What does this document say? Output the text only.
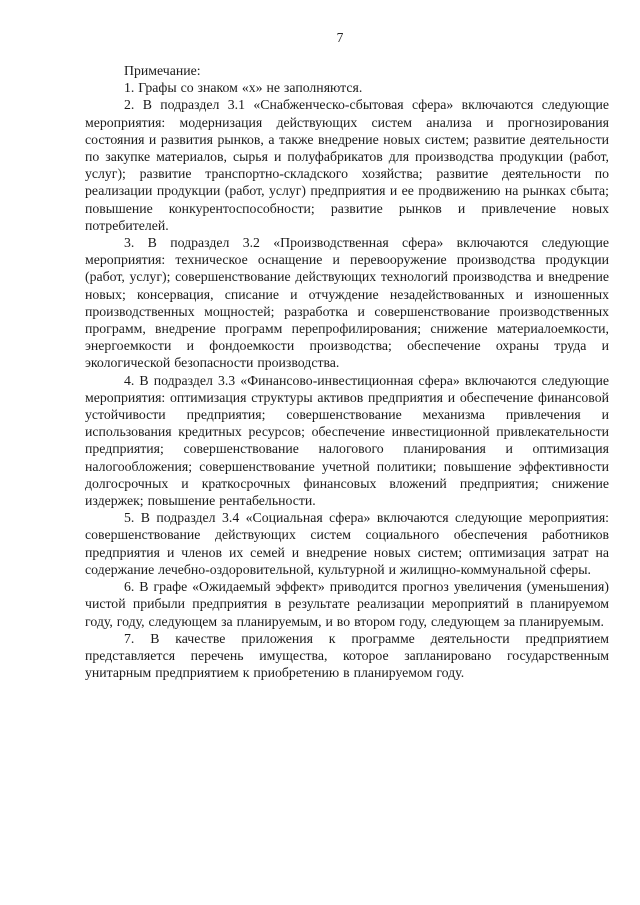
7

Примечание:

1. Графы со знаком «х» не заполняются.

2. В подраздел 3.1 «Снабженческо-сбытовая сфера» включаются следующие мероприятия: модернизация действующих систем анализа и прогнозирования состояния и развития рынков, а также внедрение новых систем; развитие деятельности по закупке материалов, сырья и полуфабрикатов для производства продукции (работ, услуг); развитие транспортно-складского хозяйства; развитие деятельности по реализации продукции (работ, услуг) предприятия и ее продвижению на рынках сбыта; повышение конкурентоспособности; развитие рынков и привлечение новых потребителей.

3. В подраздел 3.2 «Производственная сфера» включаются следующие мероприятия: техническое оснащение и перевооружение производства продукции (работ, услуг); совершенствование действующих технологий производства и внедрение новых; консервация, списание и отчуждение незадействованных и изношенных производственных мощностей; разработка и совершенствование производственных программ, внедрение программ перепрофилирования; снижение материалоемкости, энергоемкости и фондоемкости производства; обеспечение охраны труда и экологической безопасности производства.

4. В подраздел 3.3 «Финансово-инвестиционная сфера» включаются следующие мероприятия: оптимизация структуры активов предприятия и обеспечение финансовой устойчивости предприятия; совершенствование механизма привлечения и использования кредитных ресурсов; обеспечение инвестиционной привлекательности предприятия; совершенствование налогового планирования и оптимизация налогообложения; совершенствование учетной политики; повышение эффективности долгосрочных и краткосрочных финансовых вложений предприятия; снижение издержек; повышение рентабельности.

5. В подраздел 3.4 «Социальная сфера» включаются следующие мероприятия: совершенствование действующих систем социального обеспечения работников предприятия и членов их семей и внедрение новых систем; оптимизация затрат на содержание лечебно-оздоровительной, культурной и жилищно-коммунальной сферы.

6. В графе «Ожидаемый эффект» приводится прогноз увеличения (уменьшения) чистой прибыли предприятия в результате реализации мероприятий в планируемом году, году, следующем за планируемым, и во втором году, следующем за планируемым.

7. В качестве приложения к программе деятельности предприятием представляется перечень имущества, которое запланировано государственным унитарным предприятием к приобретению в планируемом году.
